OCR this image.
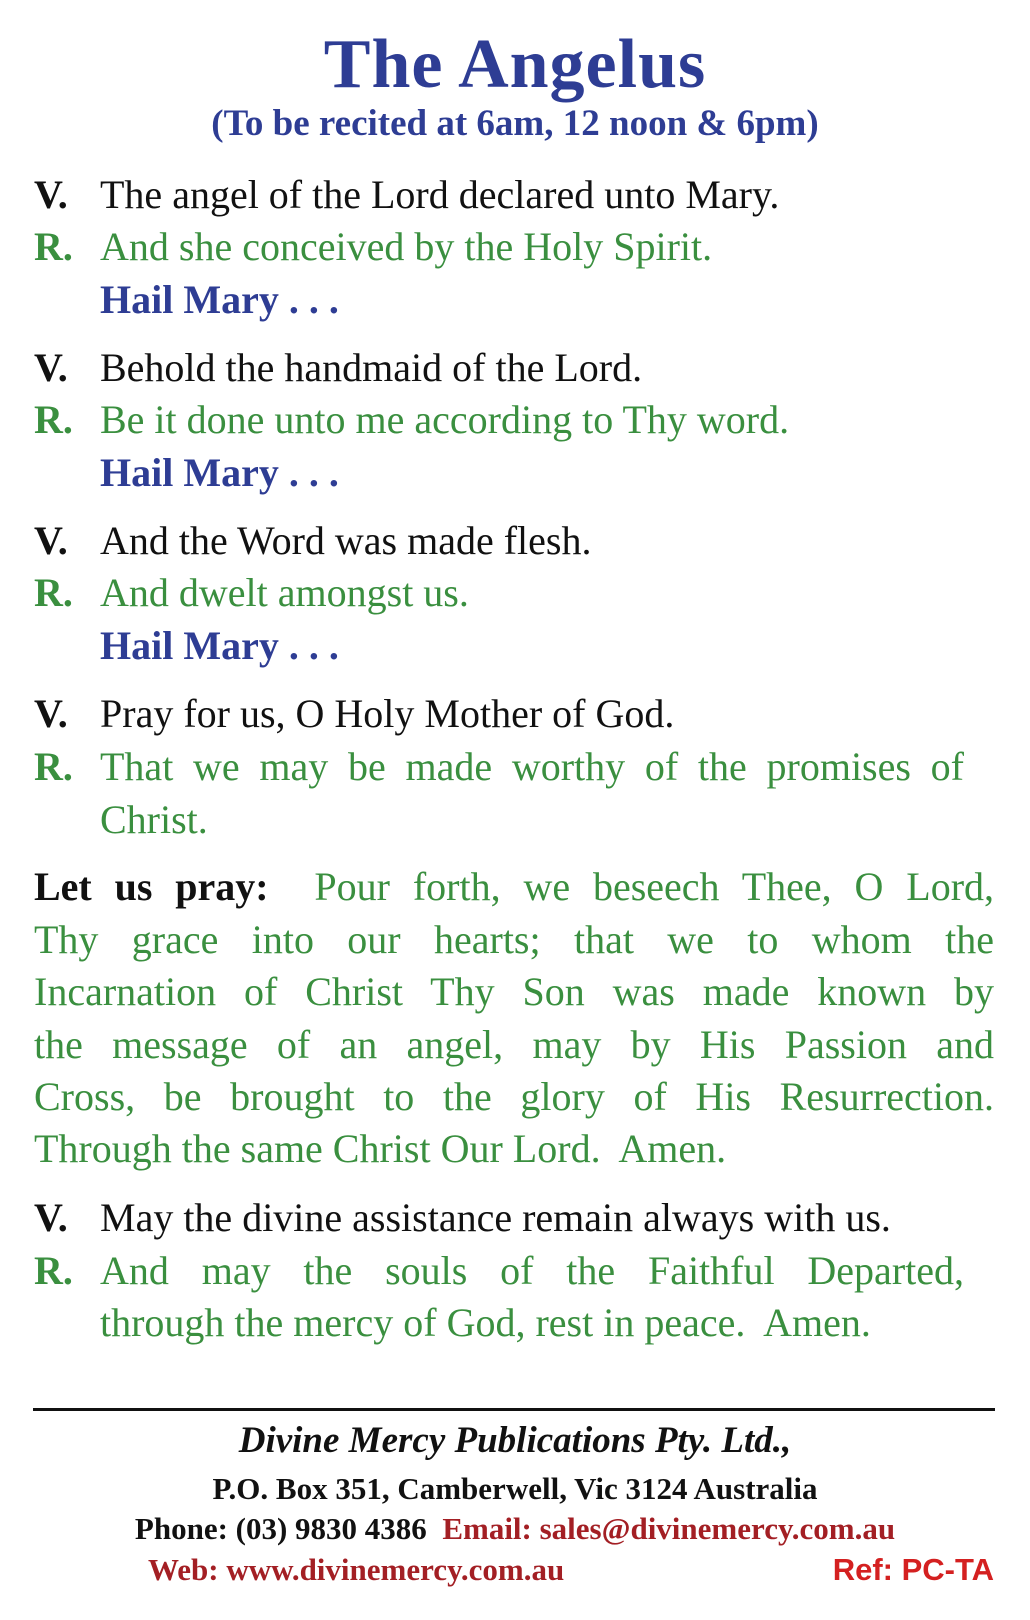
The Angelus
(To be recited at 6am, 12 noon & 6pm)
V. The angel of the Lord declared unto Mary.
R. And she conceived by the Holy Spirit.
Hail Mary . . .
V. Behold the handmaid of the Lord.
R. Be it done unto me according to Thy word.
Hail Mary . . .
V. And the Word was made flesh.
R. And dwelt amongst us.
Hail Mary . . .
V. Pray for us, O Holy Mother of God.
R. That we may be made worthy of the promises of
Christ.
Let us pray: Pour forth, we beseech Thee, O Lord,
Thy grace into our hearts; that we to whom the
Incarnation of Christ Thy Son was made known by
the message of an angel, may by His Passion and
Cross, be brought to the glory of His Resurrection.
Through the same Christ Our Lord.  Amen.
V. May the divine assistance remain always with us.
R. And may the souls of the Faithful Departed,
through the mercy of God, rest in peace.  Amen.
Divine Mercy Publications Pty. Ltd.,
P.O. Box 351, Camberwell, Vic 3124 Australia
Phone: (03) 9830 4386 Email: sales@divinemercy.com.au
Web: www.divinemercy.com.au	Ref: PC-TA
